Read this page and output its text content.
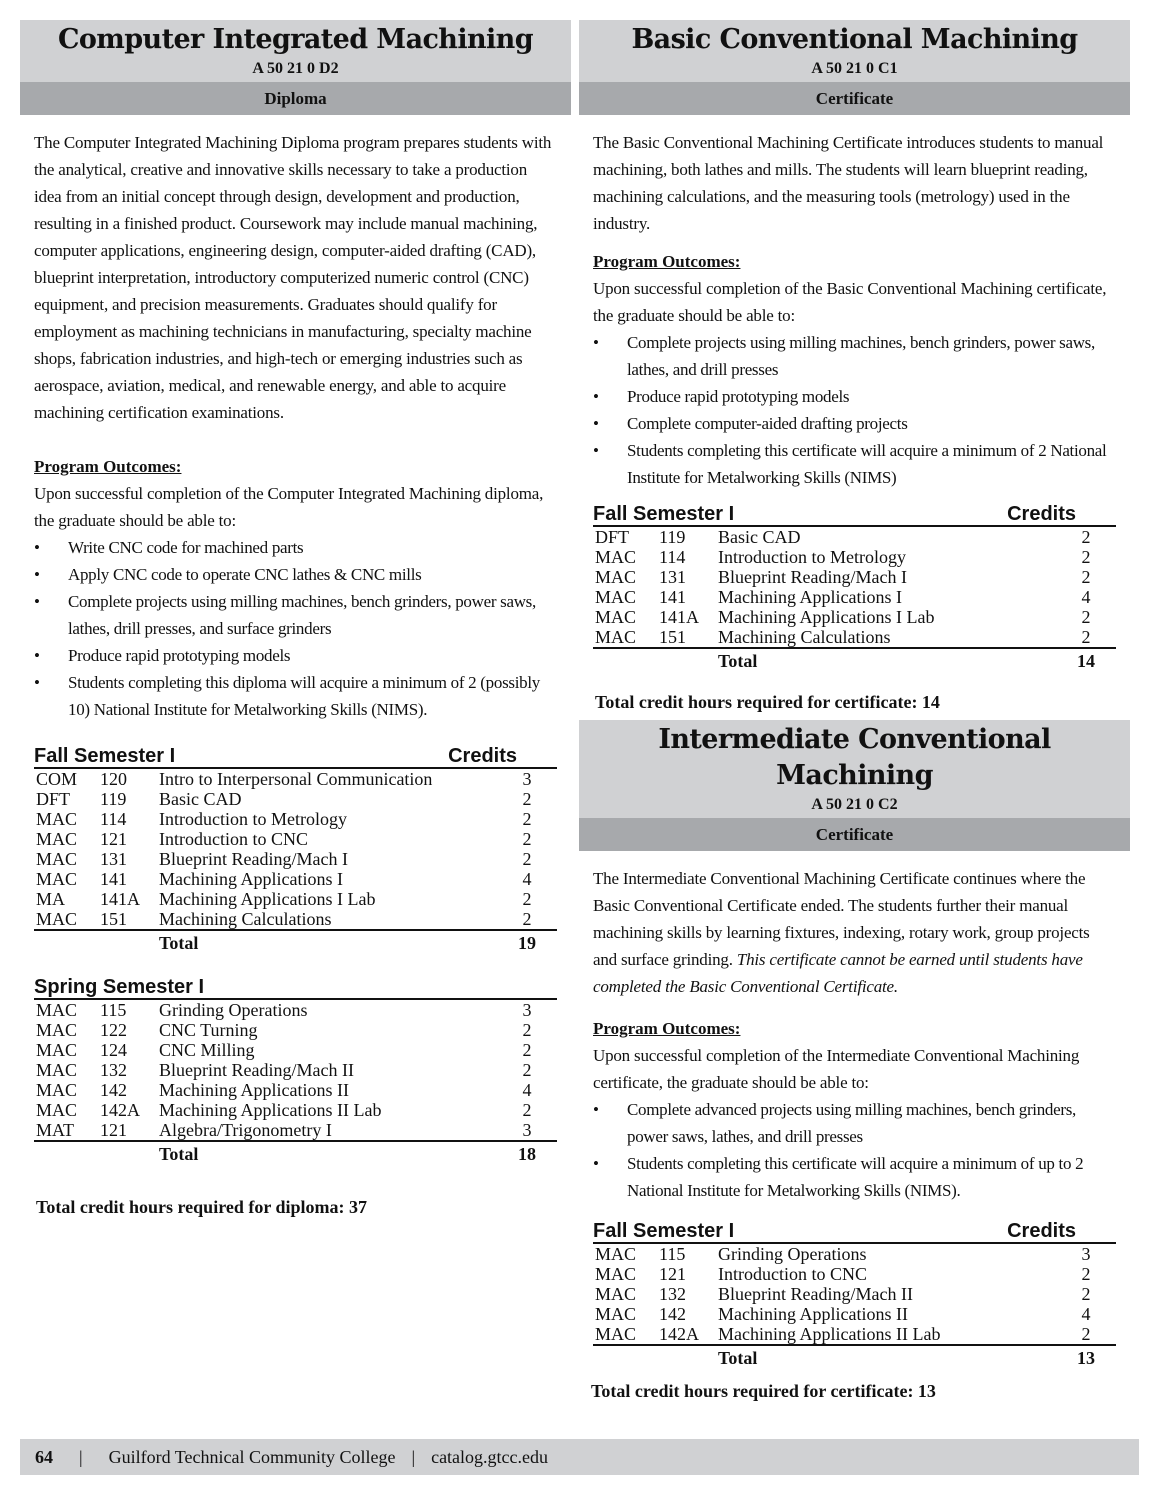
Computer Integrated Machining
A 50 21 0 D2
Diploma
The Computer Integrated Machining Diploma program prepares students with the analytical, creative and innovative skills necessary to take a production idea from an initial concept through design, development and production, resulting in a finished product. Coursework may include manual machining, computer applications, engineering design, computer-aided drafting (CAD), blueprint interpretation, introductory computerized numeric control (CNC) equipment, and precision measurements. Graduates should qualify for employment as machining technicians in manufacturing, specialty machine shops, fabrication industries, and high-tech or emerging industries such as aerospace, aviation, medical, and renewable energy, and able to acquire machining certification examinations.
Program Outcomes:
Upon successful completion of the Computer Integrated Machining diploma, the graduate should be able to:
• Write CNC code for machined parts
• Apply CNC code to operate CNC lathes & CNC mills
• Complete projects using milling machines, bench grinders, power saws, lathes, drill presses, and surface grinders
• Produce rapid prototyping models
• Students completing this diploma will acquire a minimum of 2 (possibly 10) National Institute for Metalworking Skills (NIMS).
Fall Semester I	Credits
COM	120	Intro to Interpersonal Communication	3
DFT	119	Basic CAD	2
MAC	114	Introduction to Metrology	2
MAC	121	Introduction to CNC	2
MAC	131	Blueprint Reading/Mach I	2
MAC	141	Machining Applications I	4
MA	141A	Machining Applications I Lab	2
MAC	151	Machining Calculations	2
Total	19
Spring Semester I
MAC	115	Grinding Operations	3
MAC	122	CNC Turning	2
MAC	124	CNC Milling	2
MAC	132	Blueprint Reading/Mach II	2
MAC	142	Machining Applications II	4
MAC	142A	Machining Applications II Lab	2
MAT	121	Algebra/Trigonometry I	3
Total	18
Total credit hours required for diploma: 37
Basic Conventional Machining
A 50 21 0 C1
Certificate
The Basic Conventional Machining Certificate introduces students to manual machining, both lathes and mills. The students will learn blueprint reading, machining calculations, and the measuring tools (metrology) used in the industry.
Program Outcomes:
Upon successful completion of the Basic Conventional Machining certificate, the graduate should be able to:
• Complete projects using milling machines, bench grinders, power saws, lathes, and drill presses
• Produce rapid prototyping models
• Complete computer-aided drafting projects
• Students completing this certificate will acquire a minimum of 2 National Institute for Metalworking Skills (NIMS)
Fall Semester I	Credits
DFT	119	Basic CAD	2
MAC	114	Introduction to Metrology	2
MAC	131	Blueprint Reading/Mach I	2
MAC	141	Machining Applications I	4
MAC	141A	Machining Applications I Lab	2
MAC	151	Machining Calculations	2
Total	14
Total credit hours required for certificate: 14
Intermediate Conventional Machining
A 50 21 0 C2
Certificate
The Intermediate Conventional Machining Certificate continues where the Basic Conventional Certificate ended. The students further their manual machining skills by learning fixtures, indexing, rotary work, group projects and surface grinding. This certificate cannot be earned until students have completed the Basic Conventional Certificate.
Program Outcomes:
Upon successful completion of the Intermediate Conventional Machining certificate, the graduate should be able to:
• Complete advanced projects using milling machines, bench grinders, power saws, lathes, and drill presses
• Students completing this certificate will acquire a minimum of up to 2 National Institute for Metalworking Skills (NIMS).
Fall Semester I	Credits
MAC	115	Grinding Operations	3
MAC	121	Introduction to CNC	2
MAC	132	Blueprint Reading/Mach II	2
MAC	142	Machining Applications II	4
MAC	142A	Machining Applications II Lab	2
Total	13
Total credit hours required for certificate: 13
64 | Guilford Technical Community College | catalog.gtcc.edu
